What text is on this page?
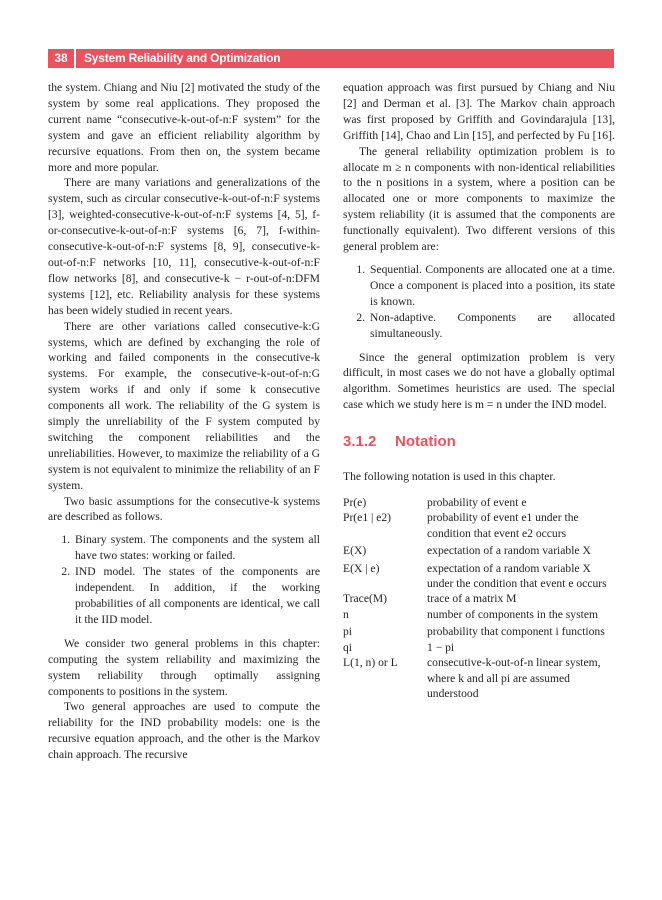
38	System Reliability and Optimization

the system. Chiang and Niu [2] motivated the study of the system by some real applications. They proposed the current name “consecutive-k-out-of-n:F system” for the system and gave an efficient reliability algorithm by recursive equations. From then on, the system became more and more popular.

There are many variations and generalizations of the system, such as circular consecutive-k-out-of-n:F systems [3], weighted-consecutive-k-out-of-n:F systems [4, 5], f-or-consecutive-k-out-of-n:F systems [6, 7], f-within-consecutive-k-out-of-n:F systems [8, 9], consecutive-k-out-of-n:F networks [10, 11], consecutive-k-out-of-n:F flow networks [8], and consecutive-k − r-out-of-n:DFM systems [12], etc. Reliability analysis for these systems has been widely studied in recent years.

There are other variations called consecutive-k:G systems, which are defined by exchanging the role of working and failed components in the consecutive-k systems. For example, the consecutive-k-out-of-n:G system works if and only if some k consecutive components all work. The reliability of the G system is simply the unreliability of the F system computed by switching the component reliabilities and the unreliabilities. However, to maximize the reliability of a G system is not equivalent to minimize the reliability of an F system.

Two basic assumptions for the consecutive-k systems are described as follows.

1. Binary system. The components and the system all have two states: working or failed.
2. IND model. The states of the components are independent. In addition, if the working probabilities of all components are identical, we call it the IID model.

We consider two general problems in this chapter: computing the system reliability and maximizing the system reliability through optimally assigning components to positions in the system.

Two general approaches are used to compute the reliability for the IND probability models: one is the recursive equation approach, and the other is the Markov chain approach. The recursive

equation approach was first pursued by Chiang and Niu [2] and Derman et al. [3]. The Markov chain approach was first proposed by Griffith and Govindarajula [13], Griffith [14], Chao and Lin [15], and perfected by Fu [16].

The general reliability optimization problem is to allocate m ≥ n components with non-identical reliabilities to the n positions in a system, where a position can be allocated one or more components to maximize the system reliability (it is assumed that the components are functionally equivalent). Two different versions of this general problem are:

1. Sequential. Components are allocated one at a time. Once a component is placed into a position, its state is known.
2. Non-adaptive. Components are allocated simultaneously.

Since the general optimization problem is very difficult, in most cases we do not have a globally optimal algorithm. Sometimes heuristics are used. The special case which we study here is m = n under the IND model.

3.1.2 Notation

The following notation is used in this chapter.

Pr(e)	probability of event e
Pr(e1 | e2)	probability of event e1 under the condition that event e2 occurs
E(X)	expectation of a random variable X
E(X | e)	expectation of a random variable X under the condition that event e occurs
Trace(M)	trace of a matrix M
n	number of components in the system
pi	probability that component i functions
qi	1 − pi
L(1, n) or L	consecutive-k-out-of-n linear system, where k and all pi are assumed understood
